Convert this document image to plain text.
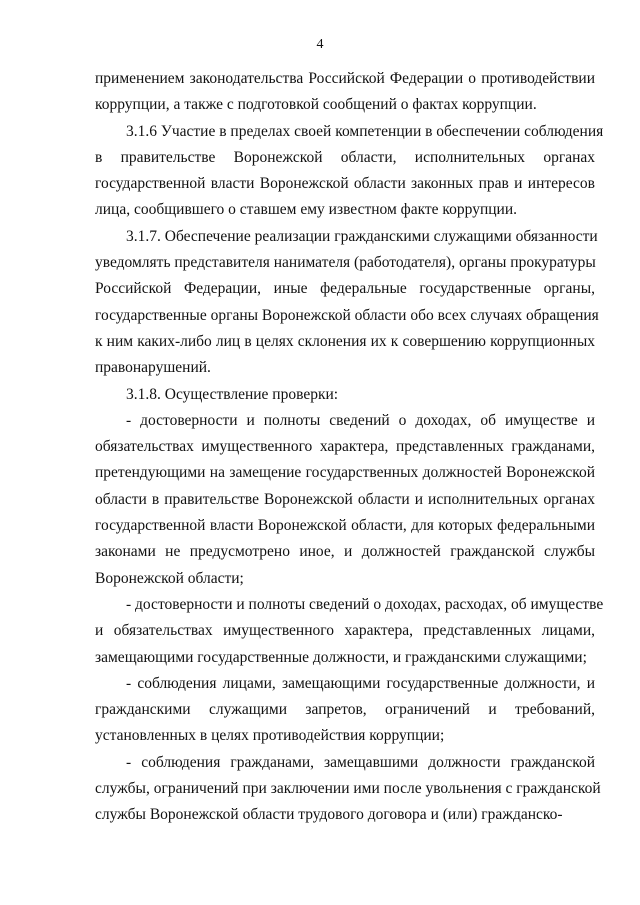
4
применением законодательства Российской Федерации о противодействии
коррупции, а также с подготовкой сообщений о фактах коррупции.
3.1.6 Участие в пределах своей компетенции в обеспечении соблюдения
в правительстве Воронежской области, исполнительных органах
государственной власти Воронежской области законных прав и интересов
лица, сообщившего о ставшем ему известном факте коррупции.
3.1.7. Обеспечение реализации гражданскими служащими обязанности
уведомлять представителя нанимателя (работодателя), органы прокуратуры
Российской Федерации, иные федеральные государственные органы,
государственные органы Воронежской области обо всех случаях обращения
к ним каких-либо лиц в целях склонения их к совершению коррупционных
правонарушений.
3.1.8. Осуществление проверки:
- достоверности и полноты сведений о доходах, об имуществе и
обязательствах имущественного характера, представленных гражданами,
претендующими на замещение государственных должностей Воронежской
области в правительстве Воронежской области и исполнительных органах
государственной власти Воронежской области, для которых федеральными
законами не предусмотрено иное, и должностей гражданской службы
Воронежской области;
- достоверности и полноты сведений о доходах, расходах, об имуществе
и обязательствах имущественного характера, представленных лицами,
замещающими государственные должности, и гражданскими служащими;
- соблюдения лицами, замещающими государственные должности, и
гражданскими служащими запретов, ограничений и требований,
установленных в целях противодействия коррупции;
- соблюдения гражданами, замещавшими должности гражданской
службы, ограничений при заключении ими после увольнения с гражданской
службы Воронежской области трудового договора и (или) гражданско-
